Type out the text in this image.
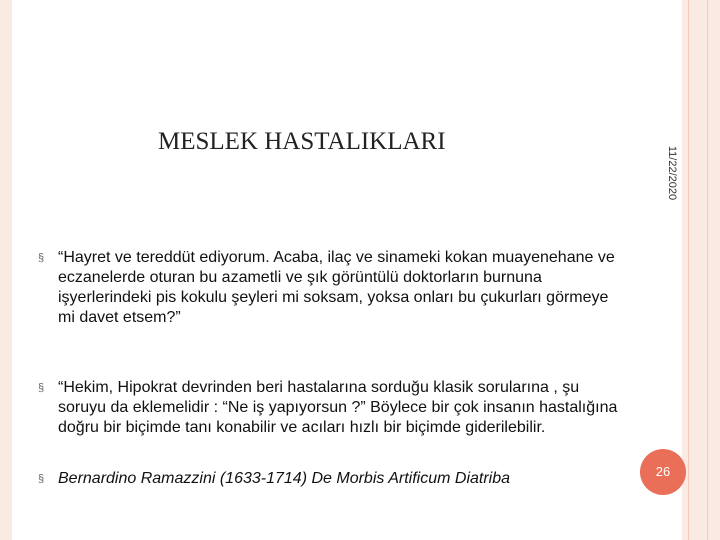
MESLEK HASTALIKLARI
11/22/2020
§ “Hayret ve tereddüt ediyorum. Acaba, ilaç ve sinameki kokan muayenehane ve eczanelerde oturan bu azametli ve şık görüntülü doktorların burnuna işyerlerindeki pis kokulu şeyleri mi soksam, yoksa onları bu çukurları görmeye mi davet etsem?”
§ “Hekim, Hipokrat devrinden beri hastalarına sorduğu klasik sorularına , şu soruyu da eklemelidir : “Ne iş yapıyorsun ?” Böylece bir çok insanın hastalığına doğru bir biçimde tanı konabilir ve acıları hızlı bir biçimde giderilebilir.
§ Bernardino Ramazzini (1633-1714) De Morbis Artificum Diatriba	26
